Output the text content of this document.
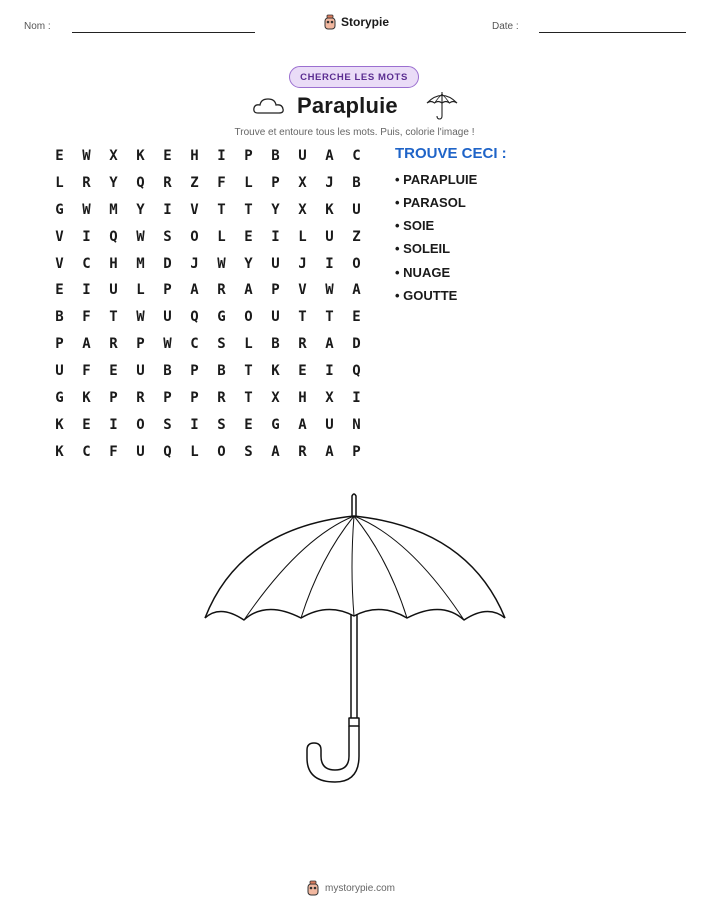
Nom :	Storypie	Date :
CHERCHE LES MOTS
Parapluie
Trouve et entoure tous les mots. Puis, colorie l'image !
E	W	X	K	E	H	I	P	B	U	A	C
L	R	Y	Q	R	Z	F	L	P	X	J	B
G	W	M	Y	I	V	T	T	Y	X	K	U
V	I	Q	W	S	O	L	E	I	L	U	Z
V	C	H	M	D	J	W	Y	U	J	I	O
E	I	U	L	P	A	R	A	P	V	W	A
B	F	T	W	U	Q	G	O	U	T	T	E
P	A	R	P	W	C	S	L	B	R	A	D
U	F	E	U	B	P	B	T	K	E	I	Q
G	K	P	R	P	P	R	T	X	H	X	I
K	E	I	O	S	I	S	E	G	A	U	N
K	C	F	U	Q	L	O	S	A	R	A	P
TROUVE CECI :
• PARAPLUIE
• PARASOL
• SOIE
• SOLEIL
• NUAGE
• GOUTTE
mystorypie.com
